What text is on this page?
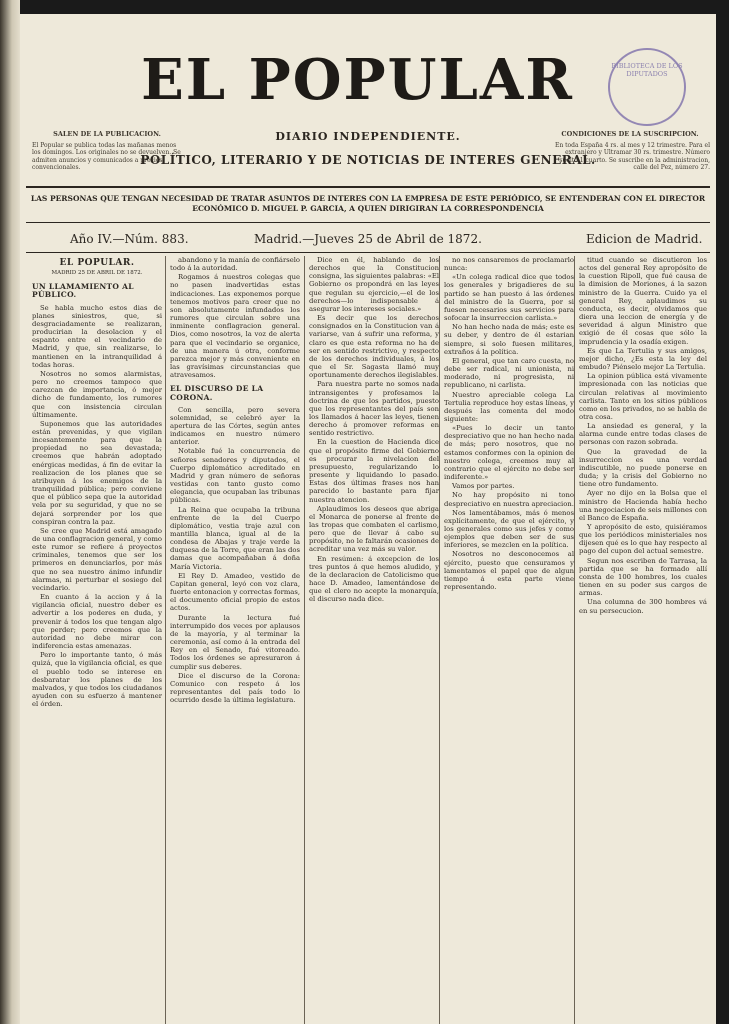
BIBLIOTECA DE LOS DIPUTADOS
EL POPULAR
SALEN DE LA PUBLICACION.
El Popular se publica todas las mañanas menos los domingos. Los originales no se devuelven. Se admiten anuncios y comunicados a precios convencionales.
CONDICIONES DE LA SUSCRIPCION.
En toda España 4 rs. al mes y 12 trimestre. Para el extranjero y Ultramar 30 rs. trimestre. Número suelto 1 cuarto. Se suscribe en la administracion, calle del Pez, número 27.
DIARIO INDEPENDIENTE.
POLÍTICO, LITERARIO Y DE NOTICIAS DE INTERES GENERAL.
LAS PERSONAS QUE TENGAN NECESIDAD DE TRATAR ASUNTOS DE INTERES CON LA EMPRESA DE ESTE PERIÓDICO, SE ENTENDERAN CON EL DIRECTOR ECONÓMICO D. MIGUEL P. GARCIA, A QUIEN DIRIGIRAN LA CORRESPONDENCIA
Año IV.—Núm. 883.	Madrid.—Jueves 25 de Abril de 1872.	Edicion de Madrid.

EL POPULAR.

MADRID 25 DE ABRIL DE 1872.

UN LLAMAMIENTO AL PÚBLICO.

Se habla mucho estos dias de planes siniestros, que, si desgraciadamente se realizaran, producirian la desolacion y el espanto entre el vecindario de Madrid, y que, sin realizarse, lo mantienen en la intranquilidad á todas horas.

Nosotros no somos alarmistas, pero no creemos tampoco que carezcan de importancia, ó mejor dicho de fundamento, los rumores que con insistencia circulan últimamente.

Suponemos que las autoridades están prevenidas, y que vigilan incesantemente para que la propiedad no sea devastada; creemos que habrán adoptado enérgicas medidas, á fin de evitar la realizacion de los planes que se atribuyen á los enemigos de la tranquilidad pública; pero conviene que el público sepa que la autoridad vela por su seguridad, y que no se dejará sorprender por los que conspiran contra la paz.

Se cree que Madrid está amagado de una conflagracion general, y como este rumor se refiere á proyectos criminales, tenemos que ser los primeros en denunciarlos, por más que no sea nuestro ánimo infundir alarmas, ni perturbar el sosiego del vecindario.

En cuanto á la accion y á la vigilancia oficial, nuestro deber es advertir a los poderes en duda, y prevenir á todos los que tengan algo que perder; pero creemos que la autoridad no debe mirar con indiferencia estas amenazas.

Pero lo importante tanto, ó más quizá, que la vigilancia oficial, es que el pueblo todo se interese en desbaratar los planes de los malvados, y que todos los ciudadanos ayuden con su esfuerzo á mantener el órden.

abandono y la manía de confiárselo todo á la autoridad.

Rogamos á nuestros colegas que no pasen inadvertidas estas indicaciones. Las exponemos porque tenemos motivos para creer que no son absolutamente infundados los rumores que circulan sobre una inminente conflagracion general. Dios, como nosotros, la voz de alerta para que el vecindario se organice, de una manera ú otra, conforme parezca mejor y más conveniente en las gravísimas circunstancias que atravesamos.

EL DISCURSO DE LA CORONA.

Con sencilla, pero severa solemnidad, se celebró ayer la apertura de las Córtes, según antes indicamos en nuestro número anterior.

Notable fué la concurrencia de señores senadores y diputados, el Cuerpo diplomático acreditado en Madrid y gran número de señoras vestidas con tanto gusto como elegancia, que ocupaban las tribunas públicas.

La Reina que ocupaba la tribuna enfrente de la del Cuerpo diplomático, vestia traje azul con mantilla blanca, igual al de la condesa de Abajas y traje verde la duquesa de la Torre, que eran las dos damas que acompañaban á doña María Victoria.

El Rey D. Amadeo, vestido de Capitan general, leyó con voz clara, fuerte entonacion y correctas formas, el documento oficial propio de estos actos.

Durante la lectura fué interrumpido dos veces por aplausos de la mayoría, y al terminar la ceremonia, así como á la entrada del Rey en el Senado, fué vitoreado. Todos los órdenes se apresuraron á cumplir sus deberes.

Dice el discurso de la Corona: Comunico con respeto á los representantes del país todo lo ocurrido desde la última legislatura.

Dice en él, hablando de los derechos que la Constitucion consigna, las siguientes palabras: «El Gobierno os propondrá en las leyes que regulan su ejercicio,—el de los derechos—lo indispensable á asegurar los intereses sociales.»

Es decir que los derechos consignados en la Constitucion van á variarse, van á sufrir una reforma, y claro es que esta reforma no ha de ser en sentido restrictivo, y respecto de los derechos individuales, á los que el Sr. Sagasta llamó muy oportunamente derechos ilegislables.

Para nuestra parte no somos nada intransigentes y profesamos la doctrina de que los partidos, puesto que los representantes del país son los llamados á hacer las leyes, tienen derecho á promover reformas en sentido restrictivo.

En la cuestion de Hacienda dice que el propósito firme del Gobierno es procurar la nivelacion del presupuesto, regularizando lo presente y liquidando lo pasado. Estas dos últimas frases nos han parecido lo bastante para fijar nuestra atencion.

Aplaudimos los deseos que abriga el Monarca de ponerse al frente de las tropas que combaten el carlismo, pero que de llevar á cabo su propósito, no le faltarán ocasiones de acreditar una vez más su valor.

En resúmen: á excepcion de los tres puntos á que hemos aludido, y de la declaracion de Catolicismo que hace D. Amadeo, lamentándose de que el clero no acepte la monarquía, el discurso nada dice.

no nos cansaremos de proclamarlo nunca:

«Un colega radical dice que todos los generales y brigadieres de su partido se han puesto á las órdenes del ministro de la Guerra, por si fuesen necesarios sus servicios para sofocar la insurreccion carlista.»

No han hecho nada de más; este es su deber, y dentro de él estarian siempre, si solo fuesen militares, extraños á la política.

El general, que tan caro cuesta, no debe ser radical, ni unionista, ni moderado, ni progresista, ni republicano, ni carlista.

Nuestro apreciable colega La Tertulia reproduce hoy estas líneas, y después las comenta del modo siguiente:

«Pues lo decir un tanto despreciativo que no han hecho nada de más; pero nosotros, que no estamos conformes con la opinion de nuestro colega, creemos muy al contrario que el ejército no debe ser indiferente.»

Vamos por partes.

No hay propósito ni tono despreciativo en nuestra apreciacion.

Nos lamentábamos, más ó menos explícitamente, de que el ejército, y los generales como sus jefes y como ejemplos que deben ser de sus inferiores, se mezclen en la política.

Nosotros no desconocemos al ejército, puesto que censuramos y lamentamos el papel que de algun tiempo á esta parte viene representando.

titud cuando se discutieron los actos del general Rey apropósito de la cuestion Ripoll, que fué causa de la dimision de Moriones, á la sazon ministro de la Guerra. Cuido ya el general Rey, aplaudimos su conducta, es decir, olvidamos que diera una leccion de energía y de severidad á algun Ministro que exigió de él cosas que sólo la imprudencia y la osadía exigen.

Es que La Tertulia y sus amigos, mejor dicho, ¿Es esta la ley del embudo? Piénselo mejor La Tertulia.

La opinion pública está vivamente impresionada con las noticias que circulan relativas al movimiento carlista. Tanto en los sitios públicos como en los privados, no se habla de otra cosa.

La ansiedad es general, y la alarma cunde entre todas clases de personas con razon sobrada.

Que la gravedad de la insurreccion es una verdad indiscutible, no puede ponerse en duda; y la crisis del Gobierno no tiene otro fundamento.

Ayer no dijo en la Bolsa que el ministro de Hacienda había hecho una negociacion de seis millones con el Banco de España.

Y apropósito de esto, quisiéramos que los periódicos ministeriales nos dijesen qué es lo que hay respecto al pago del cupon del actual semestre.

Segun nos escriben de Tarrasa, la partida que se ha formado allí consta de 100 hombres, los cuales tienen en su poder sus cargos de armas.

Una columna de 300 hombres vá en su persecucion.
